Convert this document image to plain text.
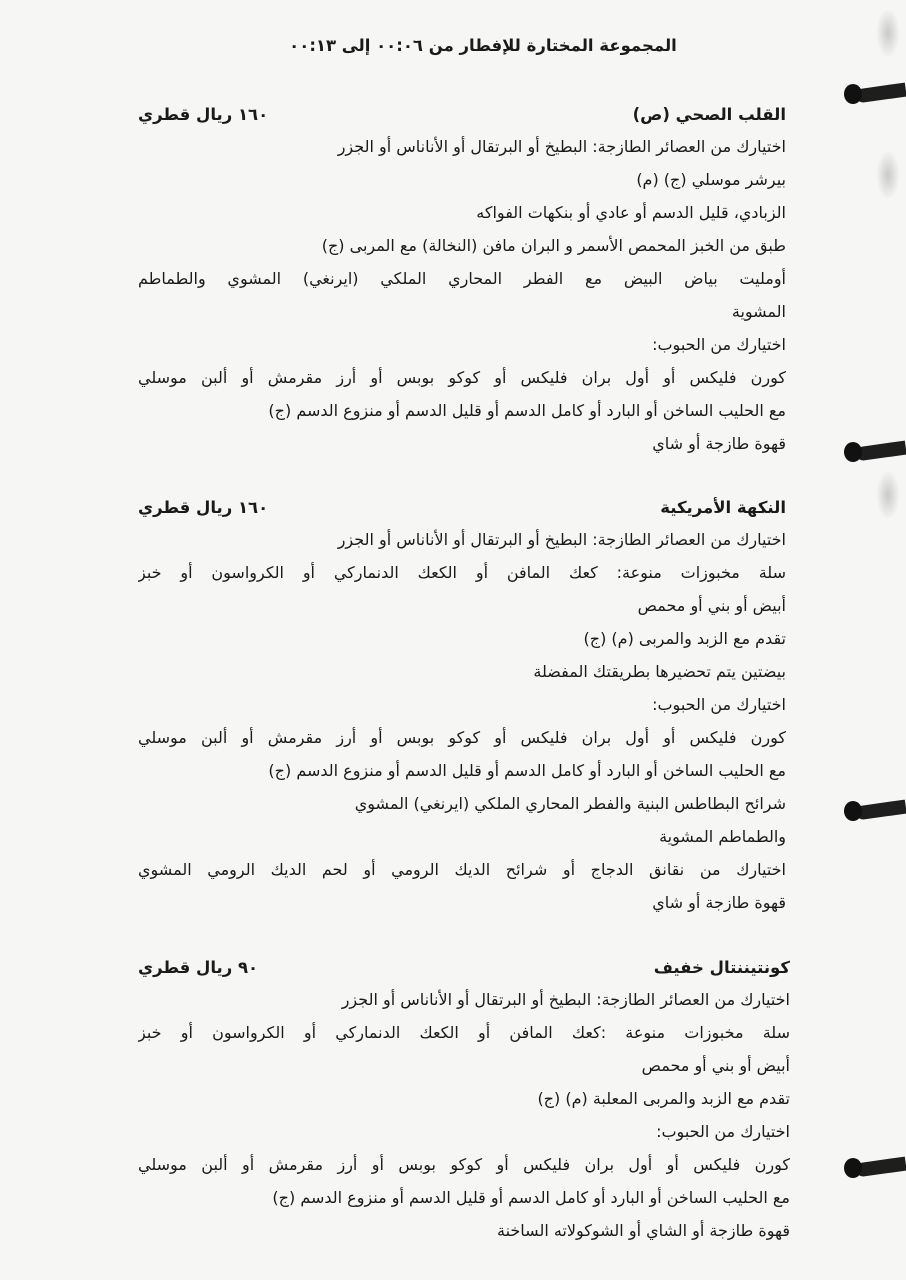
المجموعة المختارة للإفطار من ٠٠:٠٦ إلى ٠٠:١٣
القلب الصحي (ص)
١٦٠ ريال قطري
اختيارك من العصائر الطازجة: البطيخ أو البرتقال أو الأناناس أو الجزر
بيرشر موسلي (ج) (م)
الزبادي، قليل الدسم أو عادي أو بنكهات الفواكه
طبق من الخبز المحمص الأسمر و البران مافن (النخالة) مع المربى (ج)
أومليت بياض البيض مع الفطر المحاري الملكي (ايرنغي) المشوي والطماطم
المشوية
اختيارك من الحبوب:
كورن فليكس أو أول بران فليكس أو كوكو بوبس أو أرز مقرمش أو ألبن موسلي
مع الحليب الساخن أو البارد أو كامل الدسم أو قليل الدسم أو منزوع الدسم (ج)
قهوة طازجة أو شاي
النكهة الأمريكية
١٦٠ ريال قطري
اختيارك من العصائر الطازجة: البطيخ أو البرتقال أو الأناناس أو الجزر
سلة مخبوزات منوعة: كعك المافن أو الكعك الدنماركي أو الكرواسون أو خبز
أبيض أو بني أو محمص
تقدم مع الزبد والمربى (م) (ج)
بيضتين يتم تحضيرها بطريقتك المفضلة
اختيارك من الحبوب:
كورن فليكس أو أول بران فليكس أو كوكو بوبس أو أرز مقرمش أو ألبن موسلي
مع الحليب الساخن أو البارد أو كامل الدسم أو قليل الدسم أو منزوع الدسم (ج)
شرائح البطاطس البنية والفطر المحاري الملكي (ايرنغي) المشوي
والطماطم المشوية
اختيارك من نقانق الدجاج أو شرائح الديك الرومي أو لحم الديك الرومي المشوي
قهوة طازجة أو شاي
كونتيننتال خفيف
٩٠ ريال قطري
اختيارك من العصائر الطازجة: البطيخ أو البرتقال أو الأناناس أو الجزر
سلة مخبوزات منوعة :كعك المافن أو الكعك الدنماركي أو الكرواسون أو خبز
أبيض أو بني أو محمص
تقدم مع الزبد والمربى المعلبة (م) (ج)
اختيارك من الحبوب:
كورن فليكس أو أول بران فليكس أو كوكو بوبس أو أرز مقرمش أو ألبن موسلي
مع الحليب الساخن أو البارد أو كامل الدسم أو قليل الدسم أو منزوع الدسم (ج)
قهوة طازجة أو الشاي أو الشوكولاته الساخنة
